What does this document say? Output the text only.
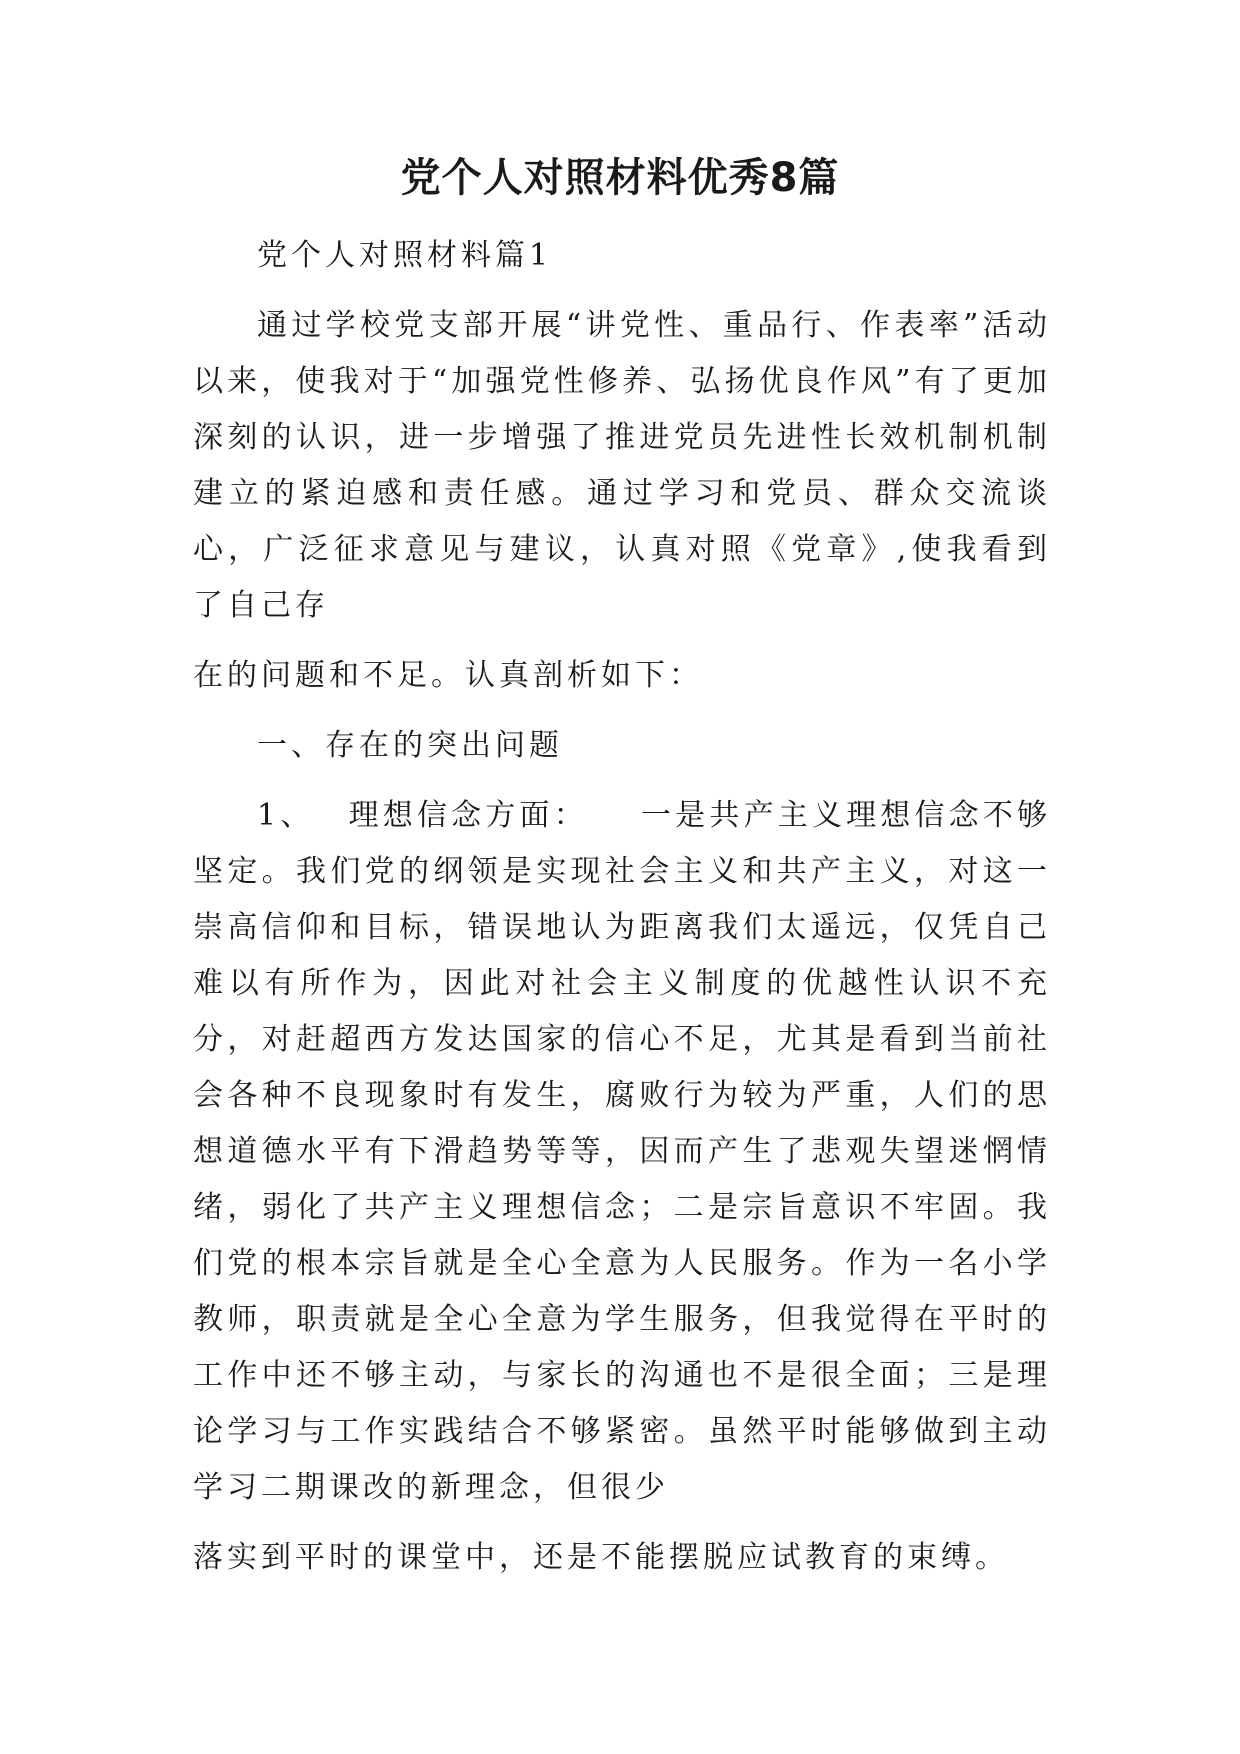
党个人对照材料优秀8篇

党个人对照材料篇1

通过学校党支部开展“讲党性、重品行、作表率”活动以来，使我对于“加强党性修养、弘扬优良作风”有了更加深刻的认识，进一步增强了推进党员先进性长效机制机制建立的紧迫感和责任感。通过学习和党员、群众交流谈心，广泛征求意见与建议，认真对照《党章》,使我看到了自己存
在的问题和不足。认真剖析如下：

一、存在的突出问题

1、  理想信念方面：   一是共产主义理想信念不够坚定。我们党的纲领是实现社会主义和共产主义，对这一崇高信仰和目标，错误地认为距离我们太遥远，仅凭自己难以有所作为，因此对社会主义制度的优越性认识不充分，对赶超西方发达国家的信心不足，尤其是看到当前社会各种不良现象时有发生，腐败行为较为严重，人们的思想道德水平有下滑趋势等等，因而产生了悲观失望迷惘情绪，弱化了共产主义理想信念；二是宗旨意识不牢固。我们党的根本宗旨就是全心全意为人民服务。作为一名小学教师，职责就是全心全意为学生服务，但我觉得在平时的工作中还不够主动，与家长的沟通也不是很全面；三是理论学习与工作实践结合不够紧密。虽然平时能够做到主动学习二期课改的新理念，但很少
落实到平时的课堂中，还是不能摆脱应试教育的束缚。
